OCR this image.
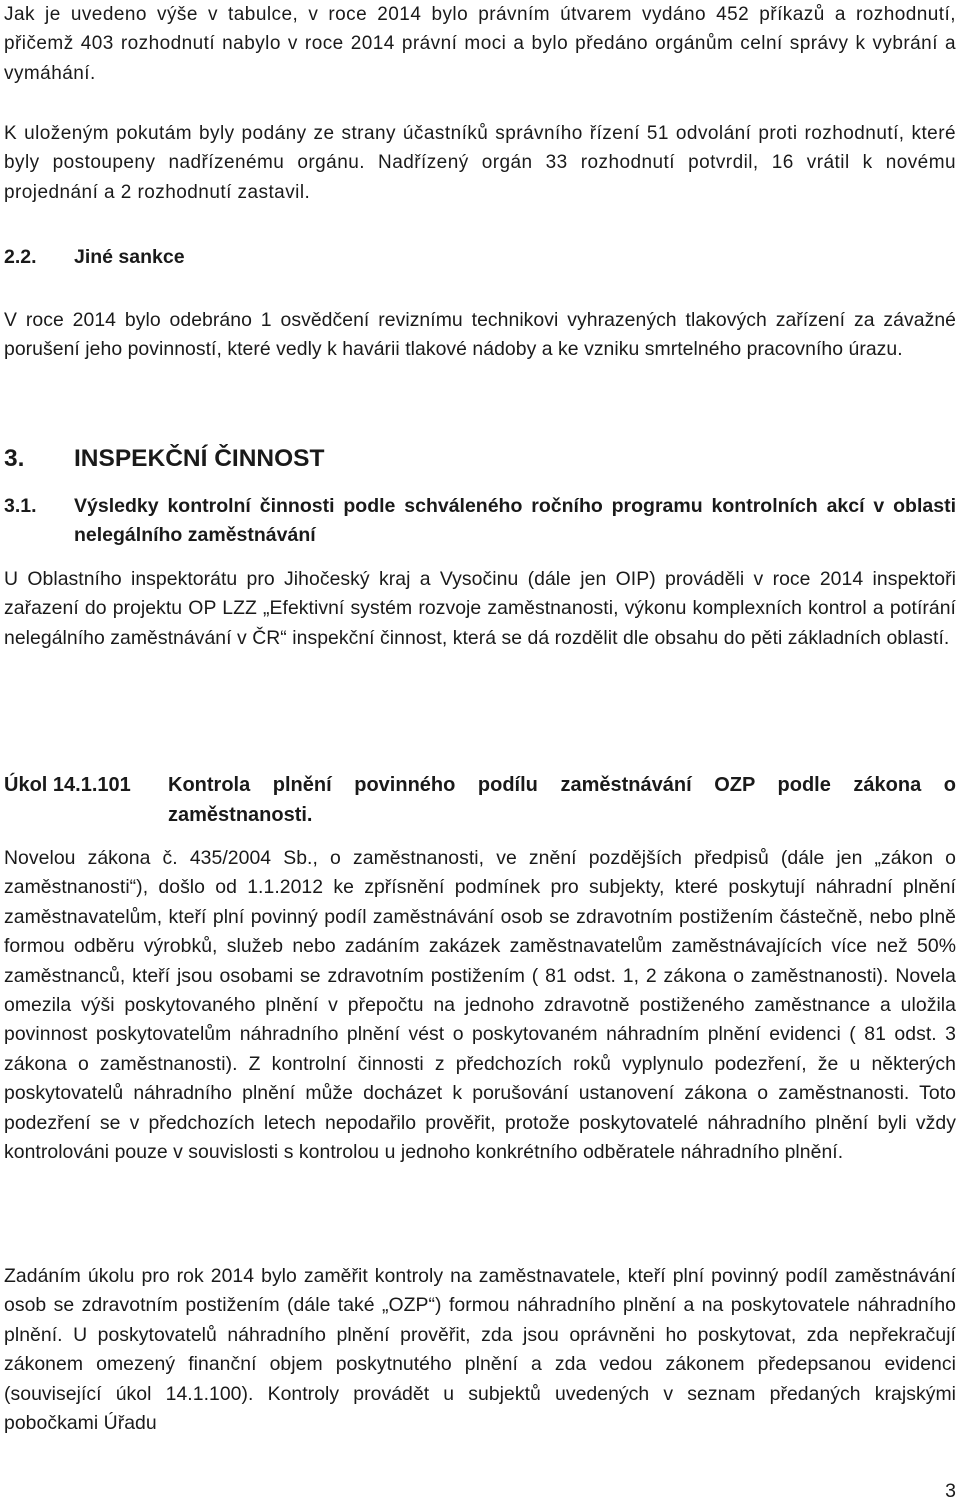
Jak je uvedeno výše v tabulce, v roce 2014 bylo právním útvarem vydáno 452 příkazů a rozhodnutí, přičemž 403 rozhodnutí nabylo v roce 2014 právní moci a bylo předáno orgánům celní správy k vybrání a vymáhání.

K uloženým pokutám byly podány ze strany účastníků správního řízení 51 odvolání proti rozhodnutí, které byly postoupeny nadřízenému orgánu. Nadřízený orgán 33 rozhodnutí potvrdil, 16 vrátil k novému projednání a 2 rozhodnutí zastavil.

2.2. Jiné sankce

V roce 2014 bylo odebráno 1 osvědčení reviznímu technikovi vyhrazených tlakových zařízení za závažné porušení jeho povinností, které vedly k havárii tlakové nádoby a ke vzniku smrtelného pracovního úrazu.

3. INSPEKČNÍ ČINNOST
3.1.	Výsledky kontrolní činnosti podle schváleného ročního programu kontrolních akcí v oblasti nelegálního zaměstnávání

U Oblastního inspektorátu pro Jihočeský kraj a Vysočinu (dále jen OIP) prováděli v roce 2014 inspektoři zařazení do projektu OP LZZ „Efektivní systém rozvoje zaměstnanosti, výkonu komplexních kontrol a potírání nelegálního zaměstnávání v ČR“ inspekční činnost, která se dá rozdělit dle obsahu do pěti základních oblastí.

Úkol 14.1.101 Kontrola plnění povinného podílu zaměstnávání OZP podle zákona o zaměstnanosti.

Novelou zákona č. 435/2004 Sb., o zaměstnanosti, ve znění pozdějších předpisů (dále jen „zákon o zaměstnanosti“), došlo od 1.1.2012 ke zpřísnění podmínek pro subjekty, které poskytují náhradní plnění zaměstnavatelům, kteří plní povinný podíl zaměstnávání osob se zdravotním postižením částečně, nebo plně formou odběru výrobků, služeb nebo zadáním zakázek zaměstnavatelům zaměstnávajících více než 50% zaměstnanců, kteří jsou osobami se zdravotním postižením ( 81 odst. 1, 2 zákona o zaměstnanosti). Novela omezila výši poskytovaného plnění v přepočtu na jednoho zdravotně postiženého zaměstnance a uložila povinnost poskytovatelům náhradního plnění vést o poskytovaném náhradním plnění evidenci ( 81 odst. 3 zákona o zaměstnanosti). Z kontrolní činnosti z předchozích roků vyplynulo podezření, že u některých poskytovatelů náhradního plnění může docházet k porušování ustanovení zákona o zaměstnanosti. Toto podezření se v předchozích letech nepodařilo prověřit, protože poskytovatelé náhradního plnění byli vždy kontrolováni pouze v souvislosti s kontrolou u jednoho konkrétního odběratele náhradního plnění.

Zadáním úkolu pro rok 2014 bylo zaměřit kontroly na zaměstnavatele, kteří plní povinný podíl zaměstnávání osob se zdravotním postižením (dále také „OZP“) formou náhradního plnění a na poskytovatele náhradního plnění. U poskytovatelů náhradního plnění prověřit, zda jsou oprávněni ho poskytovat, zda nepřekračují zákonem omezený finanční objem poskytnutého plnění a zda vedou zákonem předepsanou evidenci (související úkol 14.1.100). Kontroly provádět u subjektů uvedených v seznam předaných krajskými pobočkami Úřadu

3
